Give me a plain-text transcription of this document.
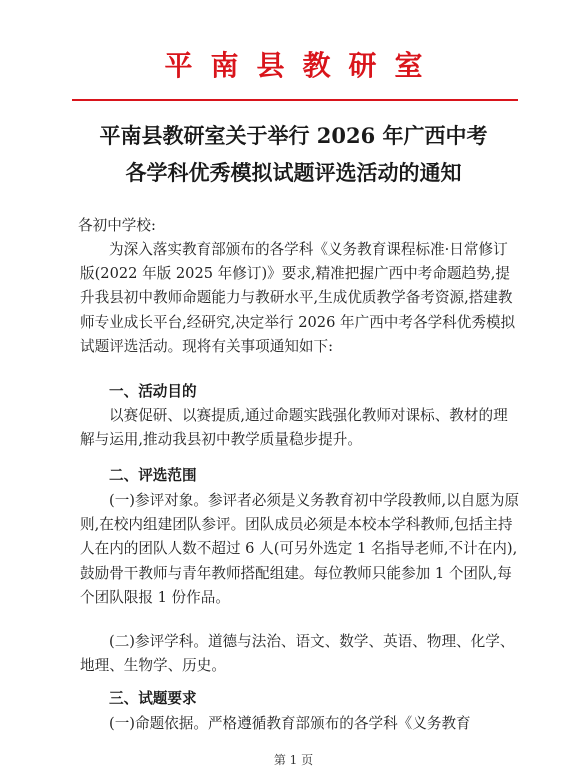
平南县教研室
平南县教研室关于举行 2026 年广西中考
各学科优秀模拟试题评选活动的通知
各初中学校:
为深入落实教育部颁布的各学科《义务教育课程标准·日常修订版(2022 年版 2025 年修订)》要求,精准把握广西中考命题趋势,提升我县初中教师命题能力与教研水平,生成优质教学备考资源,搭建教师专业成长平台,经研究,决定举行 2026 年广西中考各学科优秀模拟试题评选活动。现将有关事项通知如下:
一、活动目的
以赛促研、以赛提质,通过命题实践强化教师对课标、教材的理解与运用,推动我县初中教学质量稳步提升。
二、评选范围
(一)参评对象。参评者必须是义务教育初中学段教师,以自愿为原则,在校内组建团队参评。团队成员必须是本校本学科教师,包括主持人在内的团队人数不超过 6 人(可另外选定 1 名指导老师,不计在内),鼓励骨干教师与青年教师搭配组建。每位教师只能参加 1 个团队,每个团队限报 1 份作品。
(二)参评学科。道德与法治、语文、数学、英语、物理、化学、地理、生物学、历史。
三、试题要求
(一)命题依据。严格遵循教育部颁布的各学科《义务教育
第 1 页
